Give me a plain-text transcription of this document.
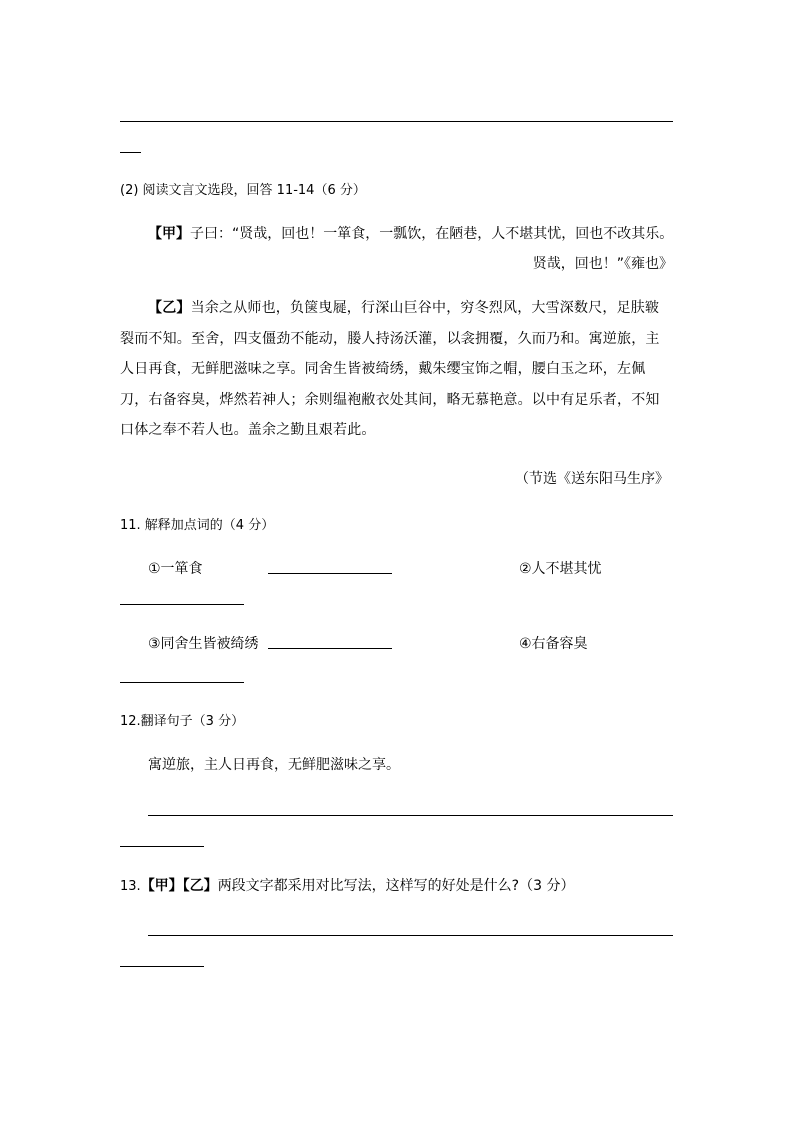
(2) 阅读文言文选段，回答 11-14（6 分）
【甲】子曰：“贤哉，回也！一箪食，一瓢饮，在陋巷，人不堪其忧，回也不改其乐。
贤哉，回也！”《雍也》
【乙】当余之从师也，负箧曳屣，行深山巨谷中，穷冬烈风，大雪深数尺，足肤皲裂而不知。至舍，四支僵劲不能动，媵人持汤沃灌，以衾拥覆，久而乃和。寓逆旅，主人日再食，无鲜肥滋味之享。同舍生皆被绮绣，戴朱缨宝饰之帽，腰白玉之环，左佩刀，右备容臭，烨然若神人；余则缊袍敝衣处其间，略无慕艳意。以中有足乐者，不知口体之奉不若人也。盖余之勤且艰若此。
（节选《送东阳马生序》
11. 解释加点词的（4 分）
①一箪食	②人不堪其忧
③同舍生皆被绮绣	④右备容臭
12.翻译句子（3 分）
寓逆旅，主人日再食，无鲜肥滋味之享。
13.【甲】【乙】两段文字都采用对比写法，这样写的好处是什么?（3 分）
